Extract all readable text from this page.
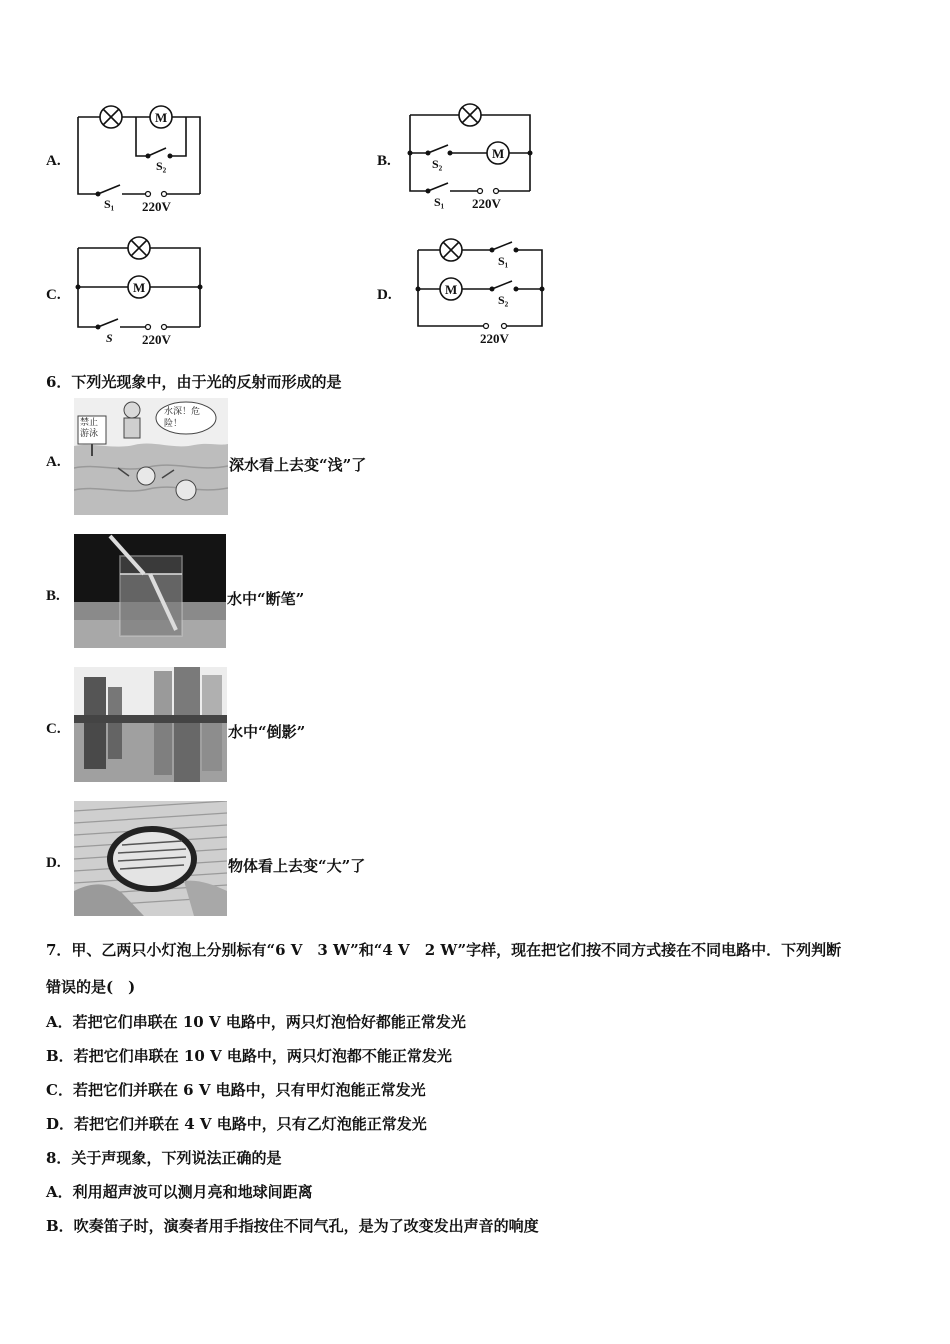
A.
M
S₂
S₁ 220V
B.	M
S₂
S₁ 220V
C.	M
S 220V
D.	M
S₁
S₂
220V
6．下列光现象中，由于光的反射而形成的是
A.
禁止游泳
水深！危险！
深水看上去变“浅”了
B.	水中“断笔”
C.	水中“倒影”
D.	物体看上去变“大”了
7．甲、乙两只小灯泡上分别标有“6 V　3 W”和“4 V　2 W”字样，现在把它们按不同方式接在不同电路中．下列判断
错误的是(　)
A．若把它们串联在 10 V 电路中，两只灯泡恰好都能正常发光
B．若把它们串联在 10 V 电路中，两只灯泡都不能正常发光
C．若把它们并联在 6 V 电路中，只有甲灯泡能正常发光
D．若把它们并联在 4 V 电路中，只有乙灯泡能正常发光
8．关于声现象，下列说法正确的是
A．利用超声波可以测月亮和地球间距离
B．吹奏笛子时，演奏者用手指按住不同气孔，是为了改变发出声音的响度
